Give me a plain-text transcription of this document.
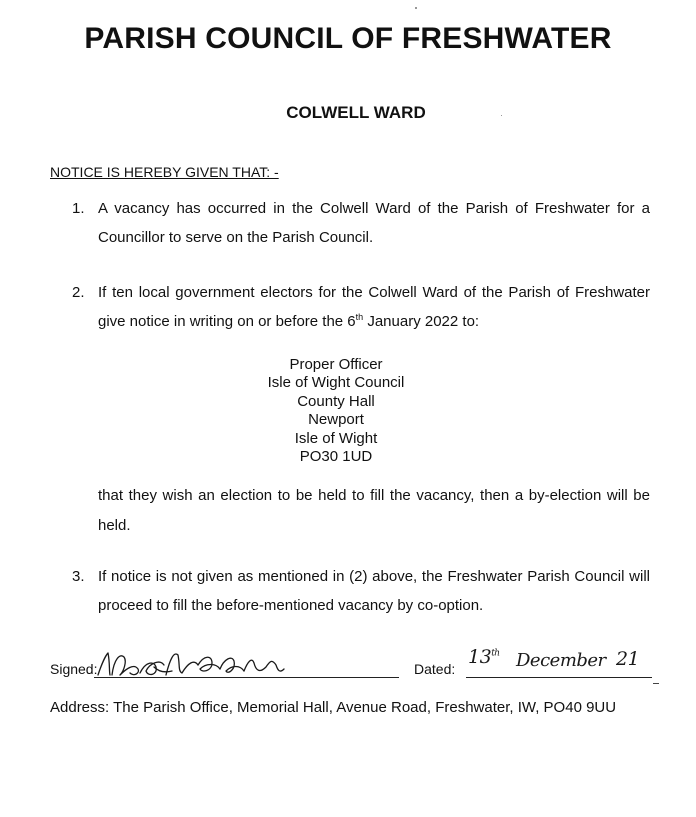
PARISH COUNCIL OF FRESHWATER
COLWELL WARD
NOTICE IS HEREBY GIVEN THAT: -
1. A vacancy has occurred in the Colwell Ward of the Parish of Freshwater for a Councillor to serve on the Parish Council.
2. If ten local government electors for the Colwell Ward of the Parish of Freshwater give notice in writing on or before the 6th January 2022 to:
Proper Officer
Isle of Wight Council
County Hall
Newport
Isle of Wight
PO30 1UD
that they wish an election to be held to fill the vacancy, then a by-election will be held.
3. If notice is not given as mentioned in (2) above, the Freshwater Parish Council will proceed to fill the before-mentioned vacancy by co-option.
Signed:	Dated:
13th December 21
Address: The Parish Office, Memorial Hall, Avenue Road, Freshwater, IW, PO40 9UU
